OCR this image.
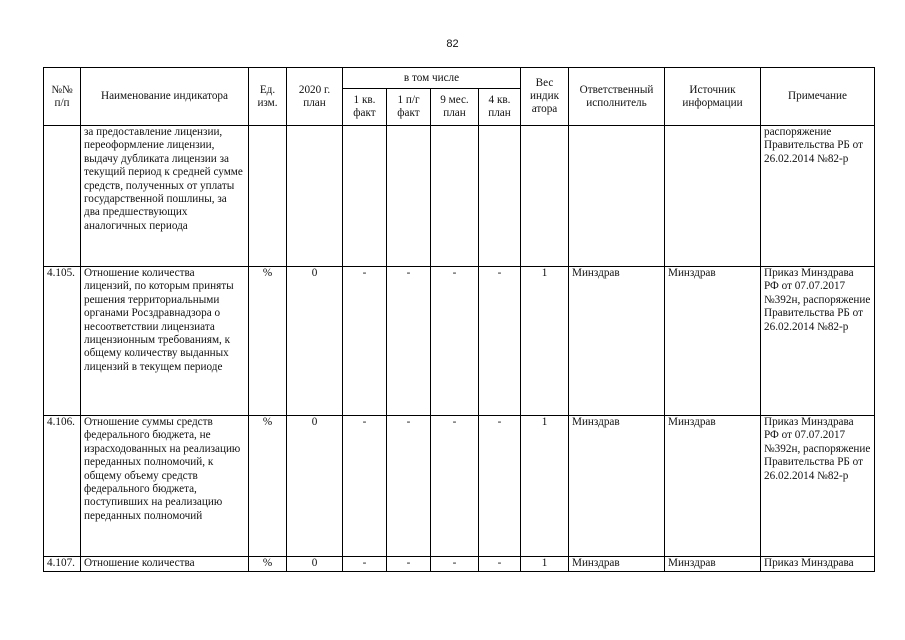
82
№№ п/п	Наименование индикатора	Ед. изм.	2020 г. план	в том числе				Вес индик атора	Ответственный исполнитель	Источник информации	Примечание
				1 кв. факт	1 п/г факт	9 мес. план	4 кв. план				
	за предоставление лицензии, переоформление лицензии, выдачу дубликата лицензии за текущий период к средней сумме средств, полученных от уплаты государственной пошлины, за два предшествующих аналогичных периода										распоряжение Правительства РБ от 26.02.2014 №82-р
4.105.	Отношение количества лицензий, по которым приняты решения территориальными органами Росздравнадзора о несоответствии лицензиата лицензионным требованиям, к общему количеству выданных лицензий в текущем периоде	%	0	-	-	-	-	1	Минздрав	Минздрав	Приказ Минздрава РФ от 07.07.2017 №392н, распоряжение Правительства РБ от 26.02.2014 №82-р
4.106.	Отношение суммы средств федерального бюджета, не израсходованных на реализацию переданных полномочий, к общему объему средств федерального бюджета, поступивших на реализацию переданных полномочий	%	0	-	-	-	-	1	Минздрав	Минздрав	Приказ Минздрава РФ от 07.07.2017 №392н, распоряжение Правительства РБ от 26.02.2014 №82-р
4.107.	Отношение количества	%	0	-	-	-	-	1	Минздрав	Минздрав	Приказ Минздрава
